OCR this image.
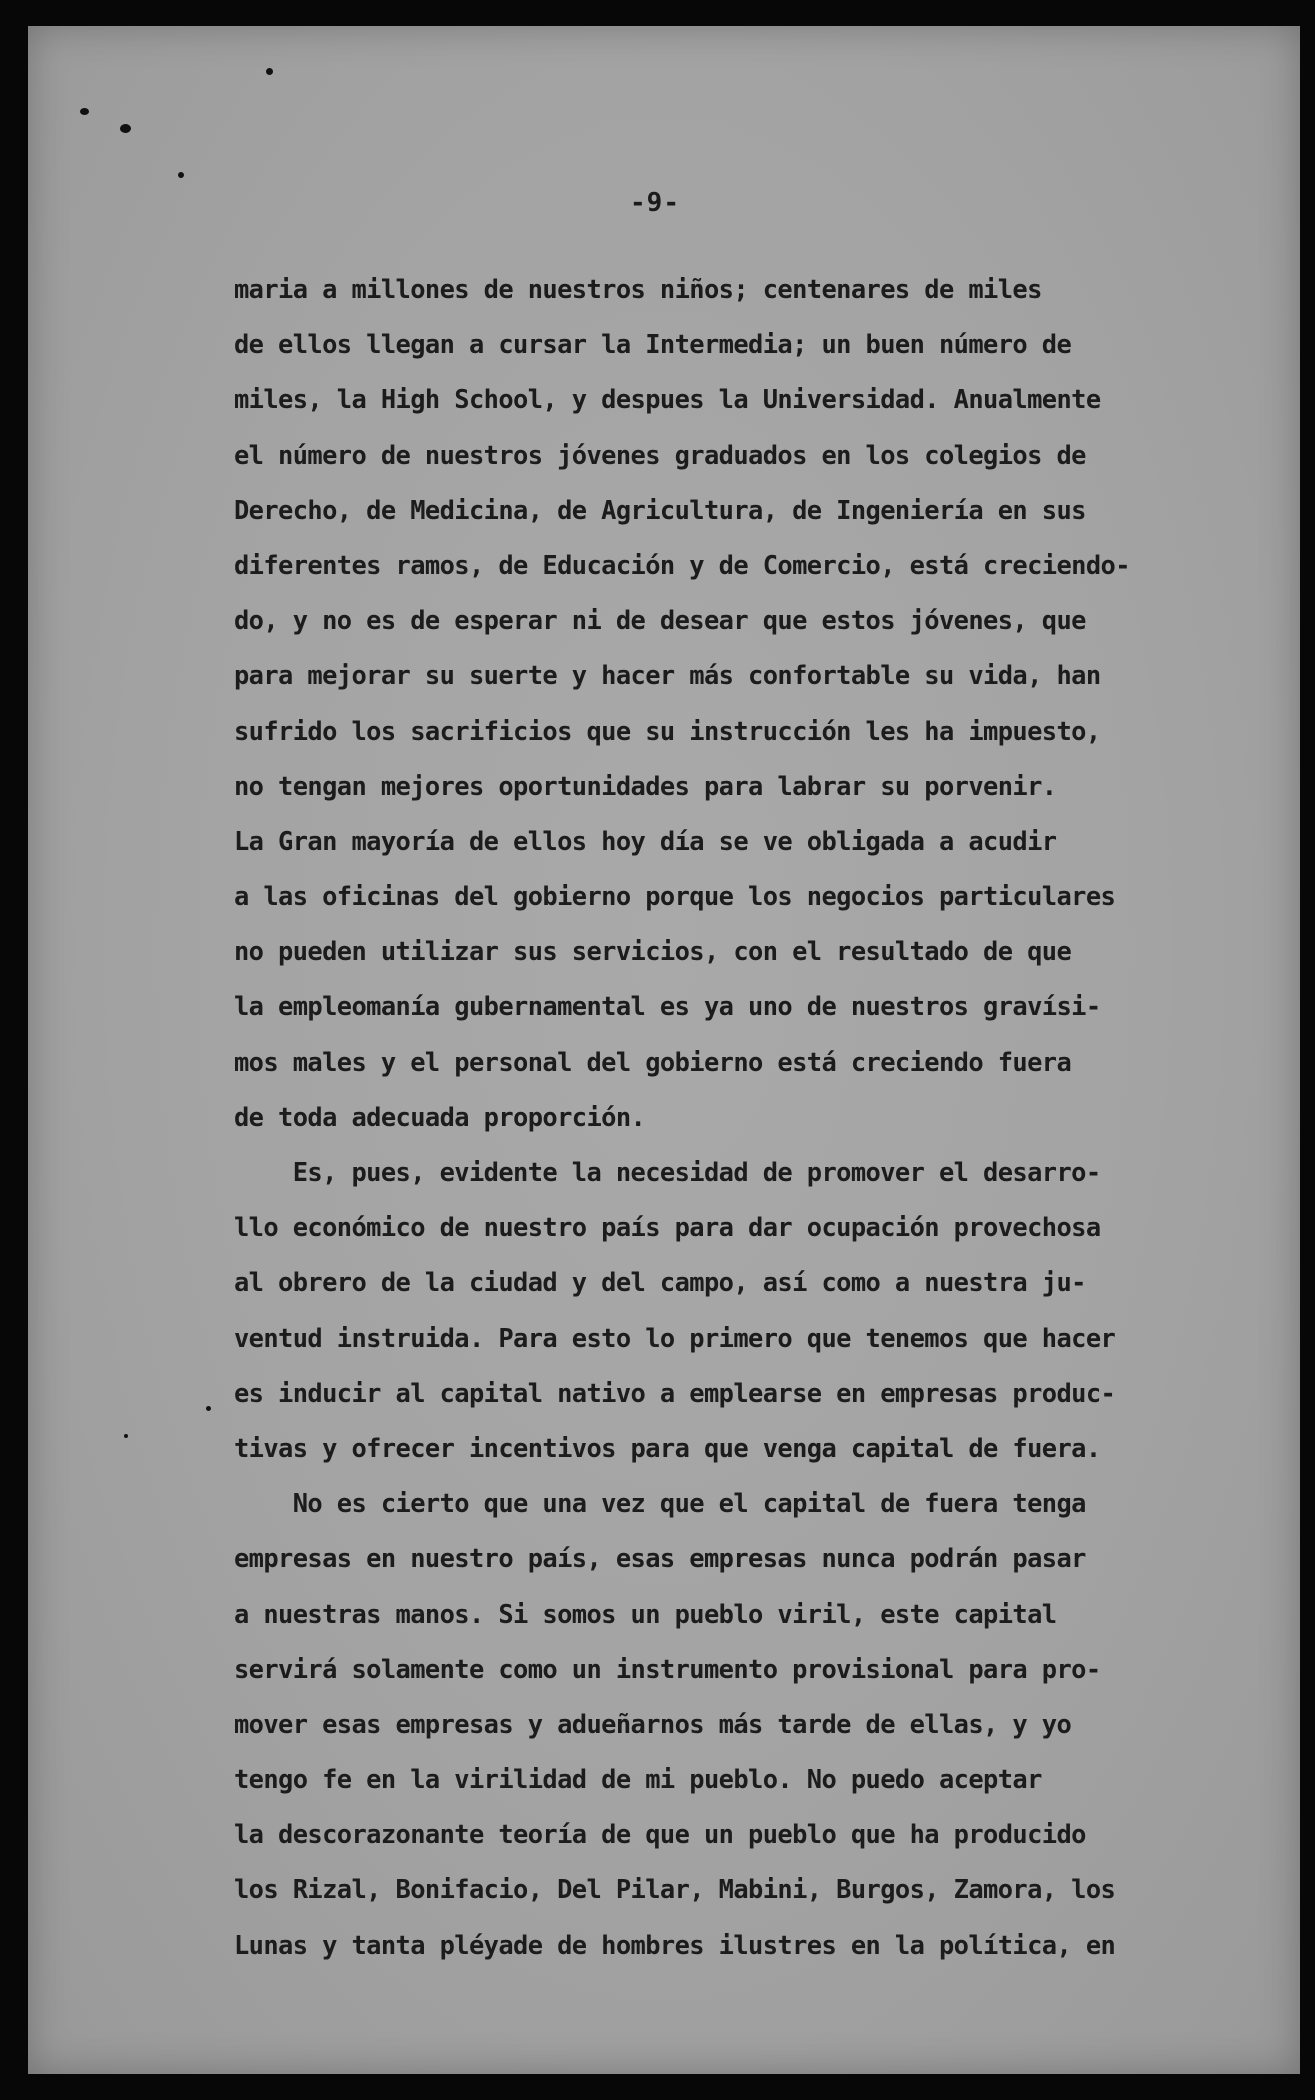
-9-
maria a millones de nuestros niños; centenares de miles
de ellos llegan a cursar la Intermedia; un buen número de
miles, la High School, y despues la Universidad. Anualmente
el número de nuestros jóvenes graduados en los colegios de
Derecho, de Medicina, de Agricultura, de Ingeniería en sus
diferentes ramos, de Educación y de Comercio, está creciendo-
do, y no es de esperar ni de desear que estos jóvenes, que
para mejorar su suerte y hacer más confortable su vida, han
sufrido los sacrificios que su instrucción les ha impuesto,
no tengan mejores oportunidades para labrar su porvenir.
La Gran mayoría de ellos hoy día se ve obligada a acudir
a las oficinas del gobierno porque los negocios particulares
no pueden utilizar sus servicios, con el resultado de que
la empleomanía gubernamental es ya uno de nuestros gravísi-
mos males y el personal del gobierno está creciendo fuera
de toda adecuada proporción.
Es, pues, evidente la necesidad de promover el desarro-
llo económico de nuestro país para dar ocupación provechosa
al obrero de la ciudad y del campo, así como a nuestra ju-
ventud instruida. Para esto lo primero que tenemos que hacer
es inducir al capital nativo a emplearse en empresas produc-
tivas y ofrecer incentivos para que venga capital de fuera.
No es cierto que una vez que el capital de fuera tenga
empresas en nuestro país, esas empresas nunca podrán pasar
a nuestras manos. Si somos un pueblo viril, este capital
servirá solamente como un instrumento provisional para pro-
mover esas empresas y adueñarnos más tarde de ellas, y yo
tengo fe en la virilidad de mi pueblo. No puedo aceptar
la descorazonante teoría de que un pueblo que ha producido
los Rizal, Bonifacio, Del Pilar, Mabini, Burgos, Zamora, los
Lunas y tanta pléyade de hombres ilustres en la política, en
